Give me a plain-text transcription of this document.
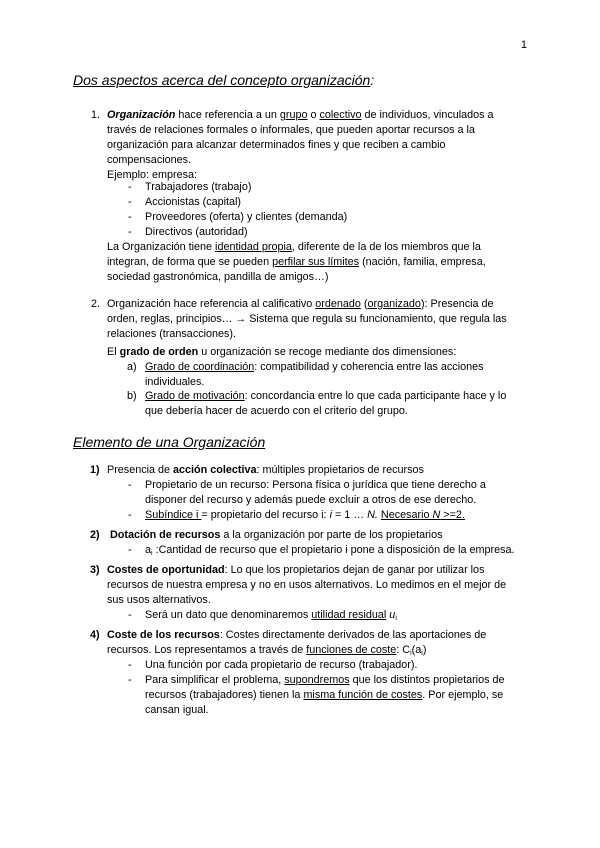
1
Dos aspectos acerca del concepto organización:
1. Organización hace referencia a un grupo o colectivo de individuos, vinculados a
través de relaciones formales o informales, que pueden aportar recursos a la
organización para alcanzar determinados fines y que reciben a cambio
compensaciones.
Ejemplo: empresa:
- Trabajadores (trabajo)
- Accionistas (capital)
- Proveedores (oferta) y clientes (demanda)
- Directivos (autoridad)
La Organización tiene identidad propia, diferente de la de los miembros que la
integran, de forma que se pueden perfilar sus límites (nación, familia, empresa,
sociedad gastronómica, pandilla de amigos…)
2. Organización hace referencia al calificativo ordenado (organizado): Presencia de
orden, reglas, principios… → Sistema que regula su funcionamiento, que regula las
relaciones (transacciones).
El grado de orden u organización se recoge mediante dos dimensiones:
a) Grado de coordinación: compatibilidad y coherencia entre las acciones
individuales.
b) Grado de motivación: concordancia entre lo que cada participante hace y lo
que debería hacer de acuerdo con el criterio del grupo.
Elemento de una Organización
1) Presencia de acción colectiva: múltiples propietarios de recursos
- Propietario de un recurso: Persona física o jurídica que tiene derecho a
disponer del recurso y además puede excluir a otros de ese derecho.
- Subíndice i = propietario del recurso i: i = 1 … N. Necesario N >=2.
2) Dotación de recursos a la organización por parte de los propietarios
- $a_i$ :Cantidad de recurso que el propietario i pone a disposición de la empresa.
3) Costes de oportunidad: Lo que los propietarios dejan de ganar por utilizar los
recursos de nuestra empresa y no en usos alternativos. Lo medimos en el mejor de
sus usos alternativos.
- Será un dato que denominaremos utilidad residual $u_i$
4) Coste de los recursos: Costes directamente derivados de las aportaciones de
recursos. Los representamos a través de funciones de coste: $C_i(a_i)$
- Una función por cada propietario de recurso (trabajador).
- Para simplificar el problema, supondremos que los distintos propietarios de
recursos (trabajadores) tienen la misma función de costes. Por ejemplo, se
cansan igual.
